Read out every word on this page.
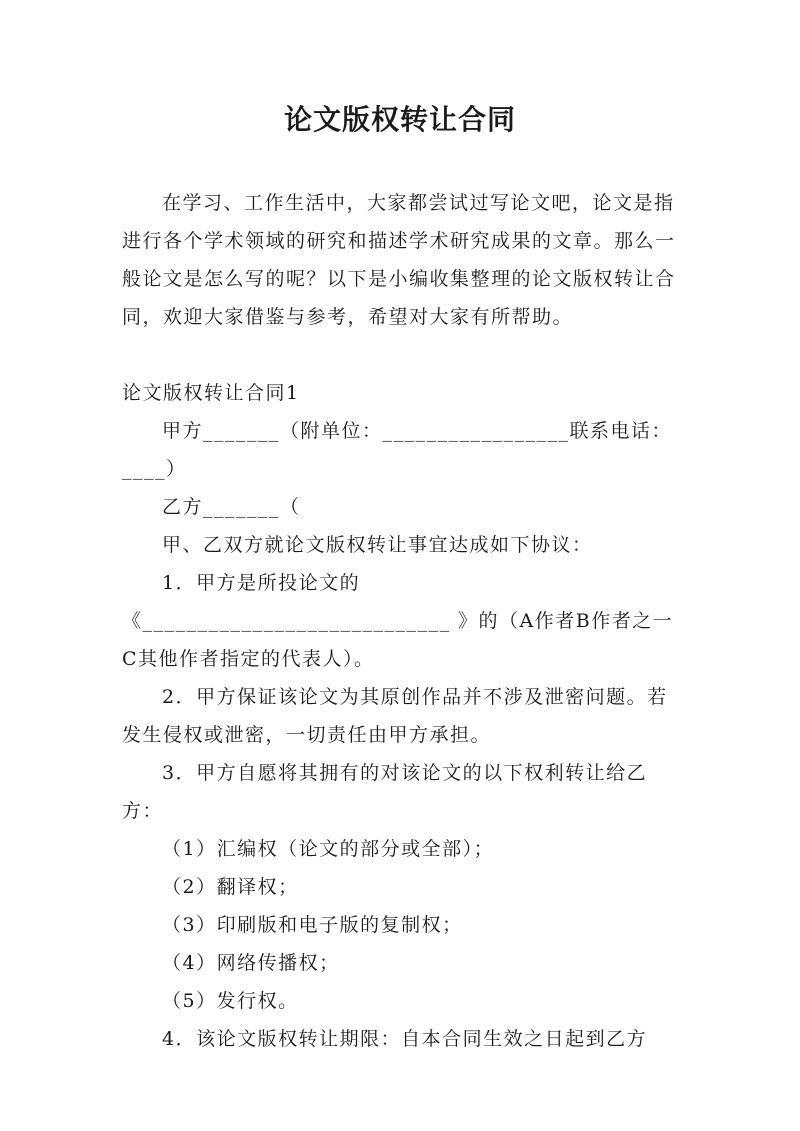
论文版权转让合同

在学习、工作生活中，大家都尝试过写论文吧，论文是指进行各个学术领域的研究和描述学术研究成果的文章。那么一般论文是怎么写的呢？以下是小编收集整理的论文版权转让合同，欢迎大家借鉴与参考，希望对大家有所帮助。

论文版权转让合同1

甲方_______（附单位：_________________联系电话：____）

乙方_______（

甲、乙双方就论文版权转让事宜达成如下协议：

1．甲方是所投论文的《____________________________ 》的（A作者B作者之一C其他作者指定的代表人）。

2．甲方保证该论文为其原创作品并不涉及泄密问题。若发生侵权或泄密，一切责任由甲方承担。

3．甲方自愿将其拥有的对该论文的以下权利转让给乙方：

（1）汇编权（论文的部分或全部）；

（2）翻译权；

（3）印刷版和电子版的复制权；

（4）网络传播权；

（5）发行权。

4．该论文版权转让期限：自本合同生效之日起到乙方
